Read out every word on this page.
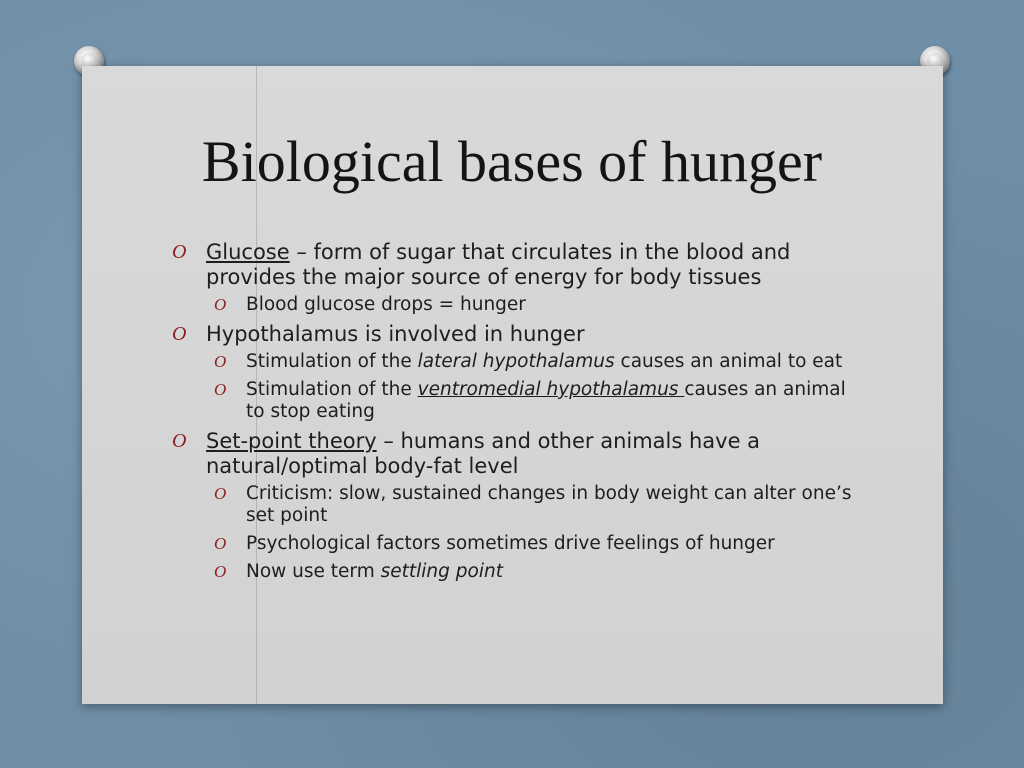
Biological bases of hunger
O Glucose – form of sugar that circulates in the blood and provides the major source of energy for body tissues
O Blood glucose drops = hunger
O Hypothalamus is involved in hunger
O Stimulation of the lateral hypothalamus causes an animal to eat
O Stimulation of the ventromedial hypothalamus causes an animal to stop eating
O Set-point theory – humans and other animals have a natural/optimal body-fat level
O Criticism: slow, sustained changes in body weight can alter one’s set point
O Psychological factors sometimes drive feelings of hunger
O Now use term settling point
